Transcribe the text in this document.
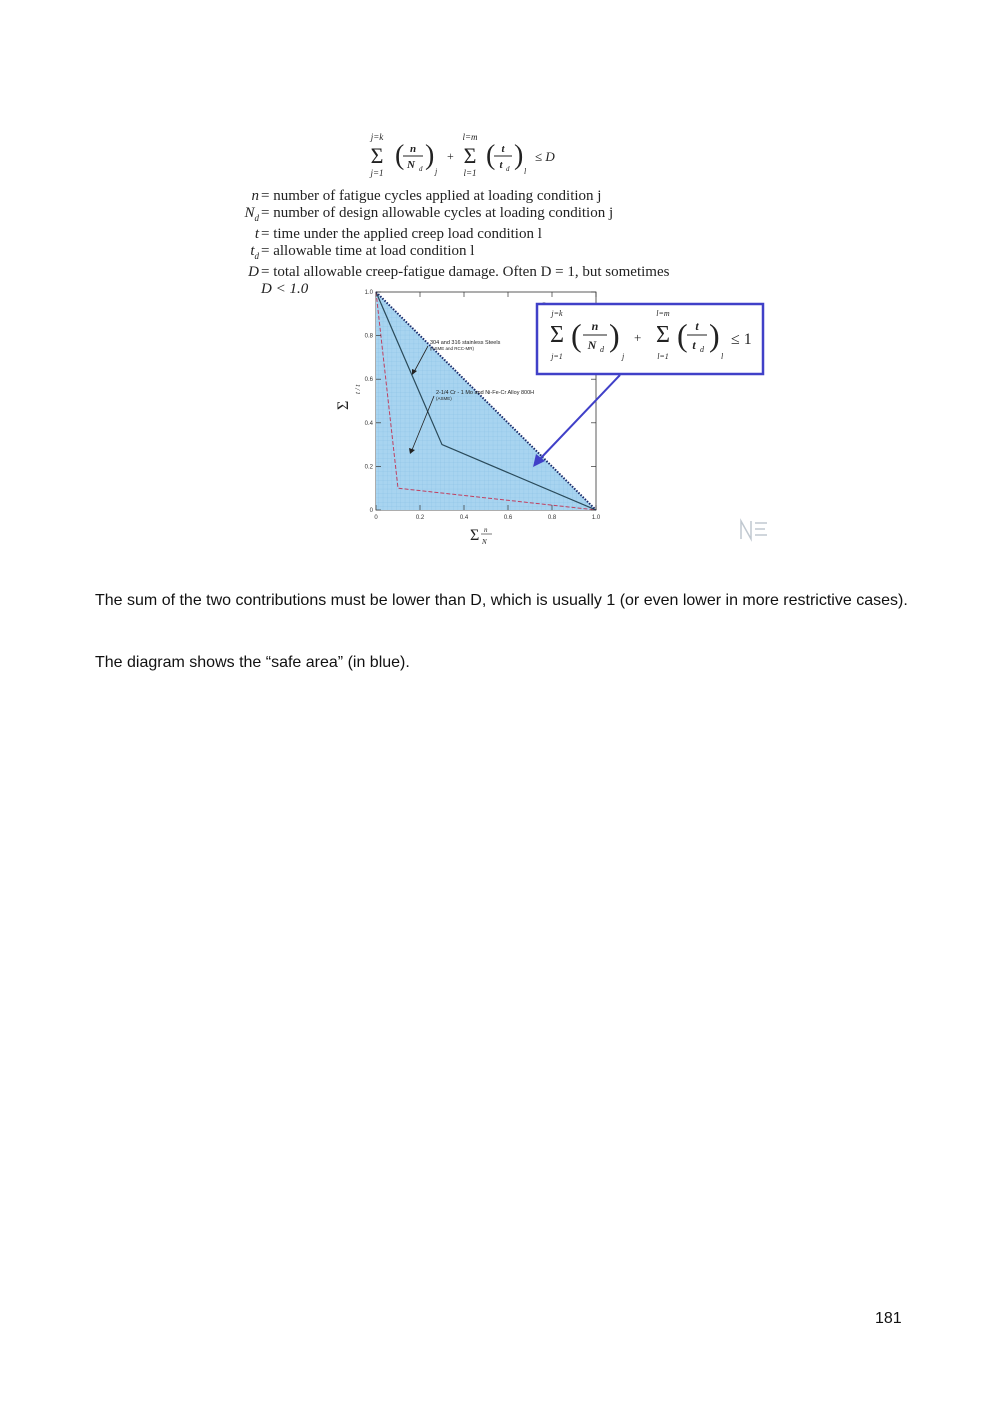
j=k
Σ
j=1
( n
N d )
j
+
l=m
Σ
l=1
( t
t d )
l
≤ D
n = number of fatigue cycles applied at loading condition j
$N_d$ = number of design allowable cycles at loading condition j
t = time under the applied creep load condition l
$t_d$ = allowable time at load condition l
D = total allowable creep-fatigue damage. Often D = 1, but sometimes
D < 1.0
0	0.2	0.4	0.6	0.8	1.0
0
0.2
0.4
0.6
0.8
1.0
304 and 316 stainless Steels
(ASME and RCC-MR)
2-1/4 Cr - 1 Mo and Ni-Fe-Cr Alloy 800H
(ASME)
Σ
t / t
Σ n
N
j=k
Σ
j=1
( n
N d )
j
+
l=m
Σ
l=1
( t
t d )
l
≤ 1
The sum of the two contributions must be lower than D, which is usually 1 (or even lower in more restrictive cases).
The diagram shows the “safe area” (in blue).
181
